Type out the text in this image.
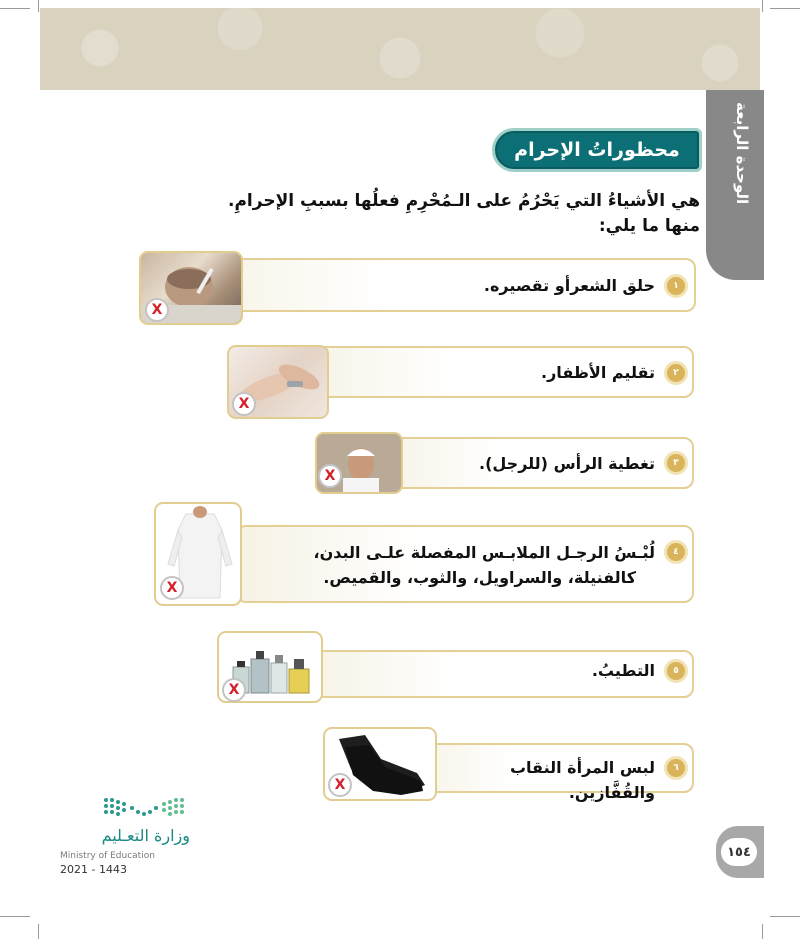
الوحدة الرابعة
محظوراتُ الإحرام
هي الأشياءُ التي يَحْرُمُ على الـمُحْرِمِ فعلُها بسببِ الإحرامِ.
منها ما يلي:
X
١
حلق الشعرأو تقصيره.
X
٢
تقليم الأظفار.
X
٣
تغطية الرأس (للرجل).
X
٤
لُبْـسُ الرجـل الملابـس المفصلة علـى البدن،
كالفنيلة، والسراويل، والثوب، والقميص.
X
٥
التطيبُ.
X
٦
لبس المرأة النقاب والقُفَّازين.
وزارة التعـليم
Ministry of Education
2021 - 1443
١٥٤
